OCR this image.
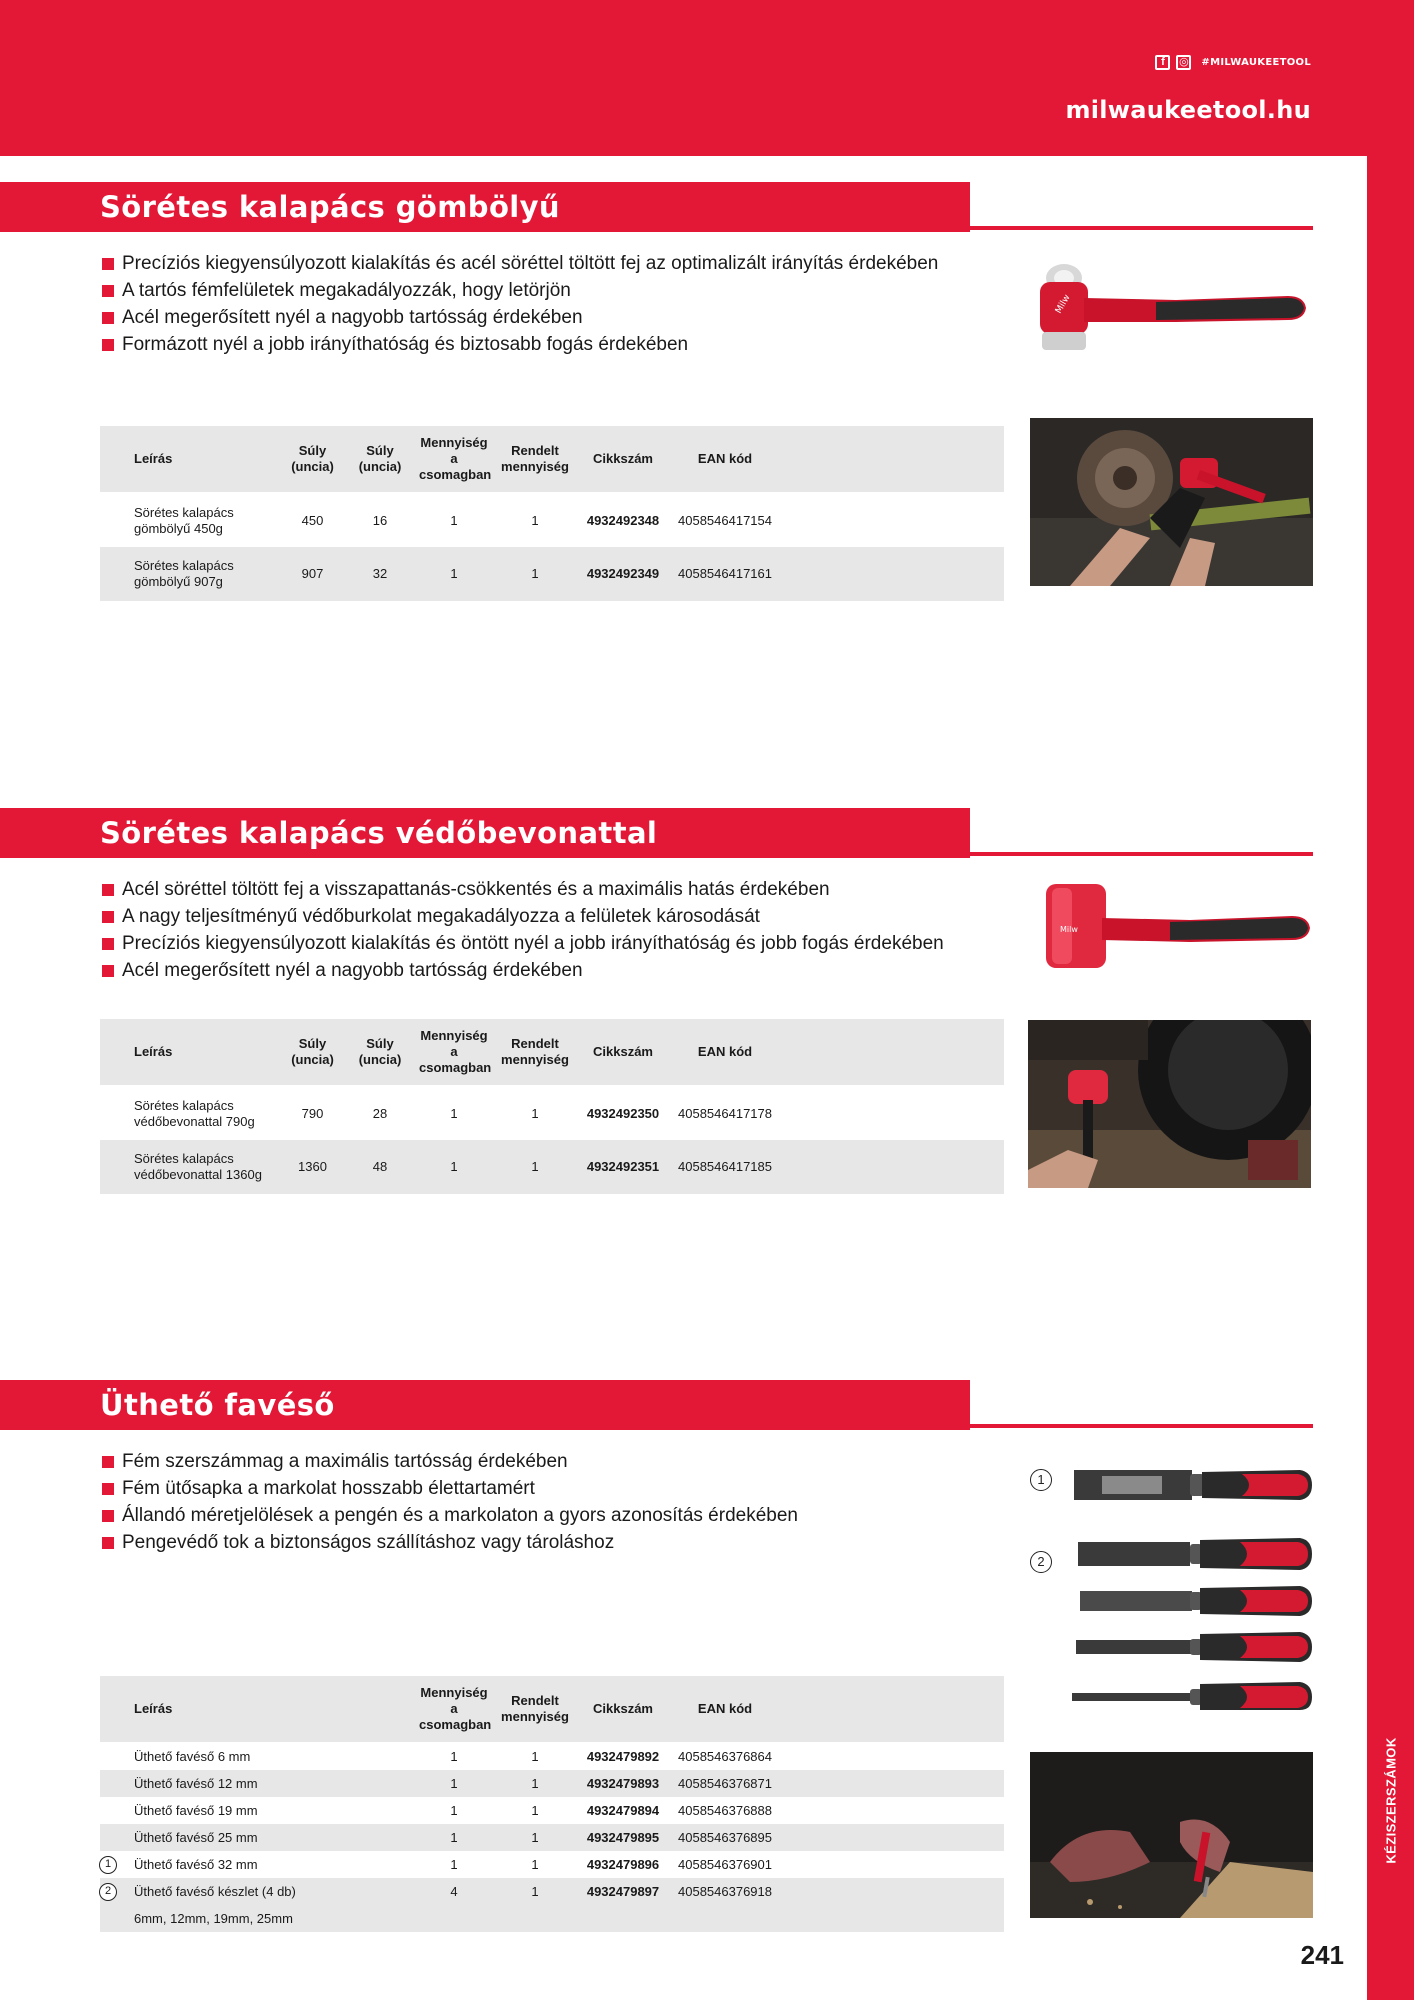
f	◎ #MILWAUKEETOOL
milwaukeetool.hu
KÉZISZERSZÁMOK
Sörétes kalapács gömbölyű
Precíziós kiegyensúlyozott kialakítás és acél söréttel töltött fej az optimalizált irányítás érdekében
A tartós fémfelületek megakadályozzák, hogy letörjön
Acél megerősített nyél a nagyobb tartósság érdekében
Formázott nyél a jobb irányíthatóság és biztosabb fogás érdekében
Milw
Leírás	Súly (uncia)	Súly (uncia)	Mennyiség a csomagban	Rendelt mennyiség	Cikkszám	EAN kód	
Sörétes kalapács
gömbölyű 450g	450	16	1	1	4932492348	4058546417154	
Sörétes kalapács
gömbölyű 907g	907	32	1	1	4932492349	4058546417161	
Sörétes kalapács védőbevonattal
Acél söréttel töltött fej a visszapattanás-csökkentés és a maximális hatás érdekében
A nagy teljesítményű védőburkolat megakadályozza a felületek károsodását
Precíziós kiegyensúlyozott kialakítás és öntött nyél a jobb irányíthatóság és jobb fogás érdekében
Acél megerősített nyél a nagyobb tartósság érdekében
Milw
Leírás	Súly (uncia)	Súly (uncia)	Mennyiség a csomagban	Rendelt mennyiség	Cikkszám	EAN kód	
Sörétes kalapács
védőbevonattal 790g	790	28	1	1	4932492350	4058546417178	
Sörétes kalapács
védőbevonattal 1360g	1360	48	1	1	4932492351	4058546417185	
Üthető favéső
Fém szerszámmag a maximális tartósság érdekében
Fém ütősapka a markolat hosszabb élettartamért
Állandó méretjelölések a pengén és a markolaton a gyors azonosítás érdekében
Pengevédő tok a biztonságos szállításhoz vagy tároláshoz
1
2
Leírás	Mennyiség a csomagban	Rendelt mennyiség	Cikkszám	EAN kód	
Üthető favéső 6 mm	1	1	4932479892	4058546376864	
Üthető favéső 12 mm	1	1	4932479893	4058546376871	
Üthető favéső 19 mm	1	1	4932479894	4058546376888	
Üthető favéső 25 mm	1	1	4932479895	4058546376895	

1 Üthető favéső 32 mm	1	1	4932479896	4058546376901	

2 Üthető favéső készlet (4 db)	4	1	4932479897	4058546376918	
6mm, 12mm, 19mm, 25mm					
241
